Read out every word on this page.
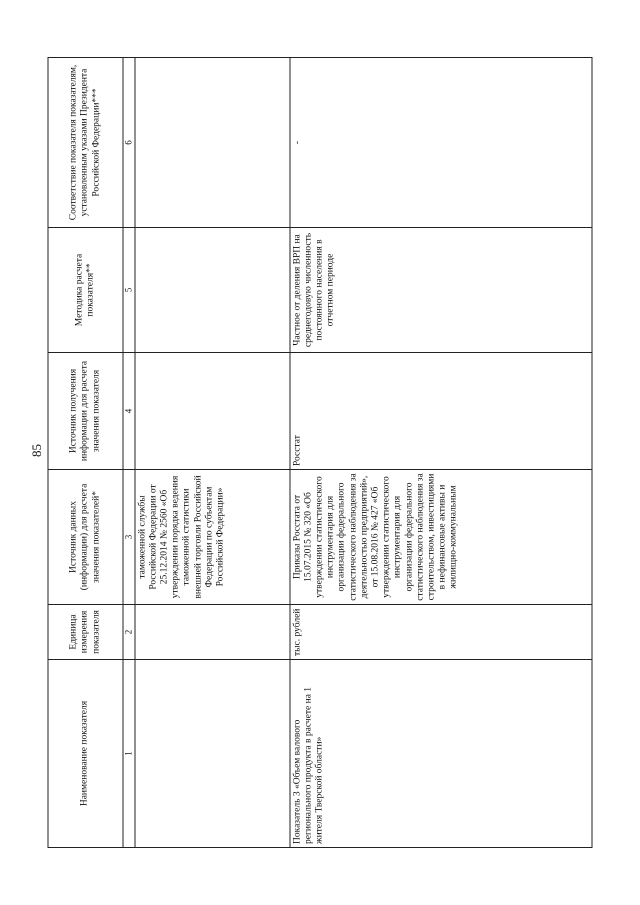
85
Наименование показателя	Единица измерения показателя	Источник данных (информации) для расчета значения показателей*	Источник получения информации для расчета значения показателя	Методика расчета показателя**	Соответствие показателя показателям, установленным указами Президента Российской Федерации***
1	2	3	4	5	6
		таможенной службы Российской Федерации от 25.12.2014 № 2560 «Об утверждении порядка ведения таможенной статистики внешней торговли Российской Федерации по субъектам Российской Федерации»			
Показатель 3 «Объем валового регионального продукта в расчете на 1 жителя Тверской области»	тыс. рублей	Приказы Росстата от 15.07.2015 № 320 «Об утверждении статистического инструментария для организации федерального статистического наблюдения за деятельностью предприятий», от 15.08.2016 № 427 «Об утверждении статистического инструментария для организации федерального статистического наблюдения за строительством, инвестициями в нефинансовые активы и жилищно-коммунальным	Росстат	Частное от деления ВРП на среднегодовую численность постоянного населения в отчетном периоде	-
